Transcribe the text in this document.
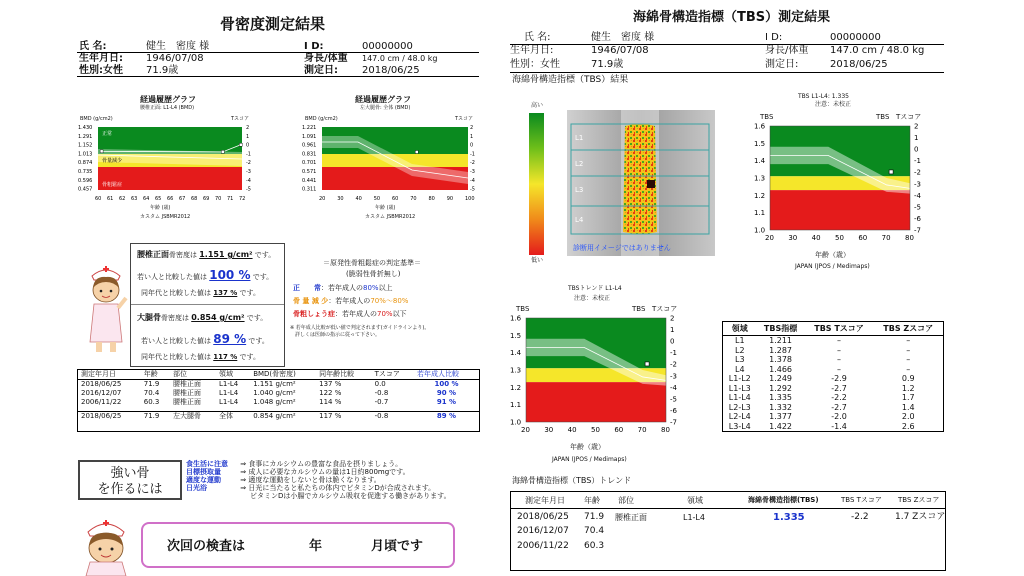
骨密度測定結果
氏 名:	健生　密度 様
生年月日: 1946/07/08
性別:女性 71.9歳
I D:	00000000
身長/体重 147.0 cm / 48.0 kg
測定日: 2018/06/25
経過履歴グラフ
腰椎正面: L1-L4 (BMD)
BMD (g/cm2)	Tスコア
1.430
1.291
1.152
1.013
0.874
0.735
0.596
0.457
2
1
0
-1
-2
-3
-4
-5
60 61 62 63 64 65 66 67 68 69 70 71 72
正常
骨量減少
骨粗鬆症
年齢 (歳)
カスタム JSBMR2012
経過履歴グラフ
左大腿骨: 全体 (BMD)
BMD (g/cm2)	Tスコア
1.221
1.091
0.961
0.831
0.701
0.571
0.441
0.311
2
1
0
-1
-2
-3
-4
-5
20 30 40 50 60 70 80 90 100
年齢 (歳)
カスタム JSBMR2012
腰椎正面骨密度は 1.151 g/cm² です。
若い人と比較した値は 100 % です。
同年代と比較した値は 137 % です。
大腿骨骨密度は 0.854 g/cm² です。
若い人と比較した値は 89 % です。
同年代と比較した値は 117 % です。
＝原発性骨粗鬆症の判定基準＝
(脆弱性骨折無し)
正　　常：若年成人の80%以上
骨 量 減 少：若年成人の70%〜80%
骨粗しょう症：若年成人の70%以下
※ 若年成人比較が低い値で判定されます(ガイドラインより)。
　詳しくは医師の指示に従って下さい。
測定年月日	年齢	部位	領域	BMD(骨密度)	同年齢比較	Tスコア	若年成人比較
2018/06/25	71.9	腰椎正面	L1-L4	1.151 g/cm²	137 %	0.0	100 %
2016/12/07	70.4	腰椎正面	L1-L4	1.040 g/cm²	122 %	-0.8	90 %
2006/11/22	60.3	腰椎正面	L1-L4	1.048 g/cm²	114 %	-0.7	91 %

2018/06/25	71.9	左大腿骨	全体	0.854 g/cm²	117 %	-0.8	89 %
強い骨
を作るには
食生活に注意 ⇒ 食事にカルシウムの豊富な食品を摂りましょう。
目標摂取量	⇒ 成人に必要なカルシウムの量は1日約800mgです。
適度な運動	⇒ 適度な運動をしないと骨は脆くなります。
日光浴	⇒ 日光に当たると私たちの体内でビタミンDが合成されます。
ビタミンDは小腸でカルシウム吸収を促進する働きがあります。
次回の検査は	年	月頃です
海綿骨構造指標（TBS）測定結果
氏 名:	健生　密度 様
生年月日:	1946/07/08
性別：女性	71.9歳
I D:	00000000
身長/体重 147.0 cm / 48.0 kg
測定日:	2018/06/25
海綿骨構造指標（TBS）結果
高い
低い
L1
L2
L3
L4
診断用イメージではありません
TBS L1-L4: 1.335
注意：未校正
TBS	TBS Tスコア
1.6
1.5
1.4
1.3
1.2
1.1
1.0
2
1
0
-1
-2
-3
-4
-5
-6
-7
20 30 40 50 60 70 80
年齢（歳）
JAPAN (JPOS / Medimaps)
TBSトレンド L1-L4
注意：未校正
TBS	TBS Tスコア
1.6
1.5
1.4
1.3
1.2
1.1
1.0
2
1
0
-1
-2
-3
-4
-5
-6
-7
20 30 40 50 60 70 80
年齢（歳）
JAPAN (JPOS / Medimaps)
領域	TBS指標	TBS Tスコア	TBS Zスコア
L1	1.211	–	–
L2	1.287	–	–
L3	1.378	–	–
L4	1.466	–	–
L1-L2	1.249	-2.9	0.9
L1-L3	1.292	-2.7	1.2
L1-L4	1.335	-2.2	1.7
L2-L3	1.332	-2.7	1.4
L2-L4	1.377	-2.0	2.0
L3-L4	1.422	-1.4	2.6
海綿骨構造指標（TBS）トレンド
測定年月日 年齢 部位	領域	海綿骨構造指標(TBS)	TBS Tスコア TBS Zスコア
2018/06/25 71.9 腰椎正面	L1-L4	1.335	-2.2	1.7 Zスコア
2016/12/07 70.4
2006/11/22 60.3
